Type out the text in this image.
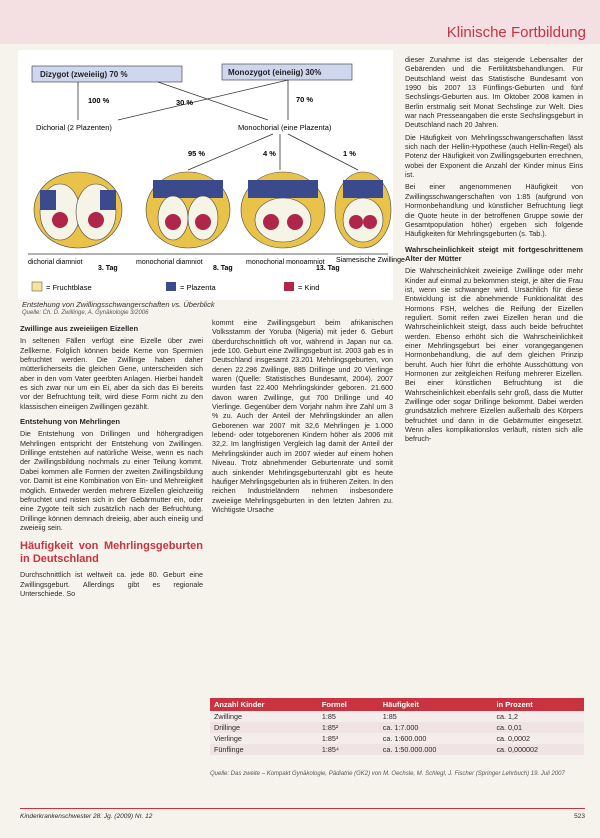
Klinische Fortbildung
Dizygot (zweieiig) 70 %	Monozygot (eineiig) 30%
100 %	30 %	70 %
Dichorial (2 Plazenten)	Monochorial (eine Plazenta)
95 %	4 %	1 %
dichorial diamniot
3. Tag
monochorial diamniot
8. Tag
monochorial monoamniot
13. Tag
Siamesische Zwillinge
= Fruchtblase	= Plazenta	= Kind
Entstehung von Zwillingsschwangerschaften vs. Überblick
Quelle: Ch. D. Zwillinge, A. Gynäkologie 3/2006
Zwillinge aus zweieiigen Eizellen

In seltenen Fällen verfügt eine Eizelle über zwei Zellkerne. Folglich können beide Kerne von Spermien befruchtet werden. Die Zwillinge haben daher mütterlicherseits die gleichen Gene, unterscheiden sich aber in den vom Vater geerbten Anlagen. Hierbei handelt es sich zwar nur um ein Ei, aber da sich das Ei bereits vor der Befruchtung teilt, wird diese Form nicht zu den klassischen eineiigen Zwillingen gezählt.

Entstehung von Mehrlingen

Die Entstehung von Drillingen und höhergradigen Mehrlingen entspricht der Entstehung von Zwillingen. Drillinge entstehen auf natürliche Weise, wenn es nach der Zwillingsbildung nochmals zu einer Teilung kommt. Dabei kommen alle Formen der zweiten Zwillingsbildung vor. Damit ist eine Kombination von Ein- und Mehreiigkeit möglich. Entweder werden mehrere Eizellen gleichzeitig befruchtet und nisten sich in der Gebärmutter ein, oder eine Zygote teilt sich zusätzlich nach der Befruchtung. Drillinge können demnach dreieiig, aber auch eineiig und zweieiig sein.

Häufigkeit von Mehrlingsgeburten in Deutschland

Durchschnittlich ist weltweit ca. jede 80. Geburt eine Zwillingsgeburt. Allerdings gibt es regionale Unterschiede. So

kommt eine Zwillingsgeburt beim afrikanischen Volksstamm der Yoruba (Nigeria) mit jeder 6. Geburt überdurchschnittlich oft vor, während in Japan nur ca. jede 100. Geburt eine Zwillingsgeburt ist. 2003 gab es in Deutschland insgesamt 23.201 Mehrlingsgeburten, von denen 22.296 Zwillinge, 885 Drillinge und 20 Vierlinge waren (Quelle: Statistisches Bundesamt, 2004). 2007 wurden fast 22.400 Mehrlingskinder geboren. 21.600 davon waren Zwillinge, gut 700 Drillinge und 40 Vierlinge. Gegenüber dem Vorjahr nahm ihre Zahl um 3 % zu. Auch der Anteil der Mehrlingskinder an allen Geborenen war 2007 mit 32,6 Mehrlingen je 1.000 lebend- oder totgeborenen Kindern höher als 2006 mit 32,2. Im langfristigen Vergleich lag damit der Anteil der Mehrlingskinder auch im 2007 wieder auf einem hohen Niveau. Trotz abnehmender Geburtenrate und somit auch sinkender Mehrlingsgeburtenzahl gibt es heute häufiger Mehrlingsgeburten als in früheren Zeiten. In den reichen Industrieländern nehmen insbesondere zweieiige Mehrlingsgeburten in den letzten Jahren zu. Wichtigste Ursache

dieser Zunahme ist das steigende Lebensalter der Gebärenden und die Fertilitätsbehandlungen. Für Deutschland weist das Statistische Bundesamt von 1990 bis 2007 13 Fünflings-Geburten und fünf Sechslings-Geburten aus. Im Oktober 2008 kamen in Berlin erstmalig seit Monat Sechslinge zur Welt. Dies war nach Presseangaben die erste Sechslingsgeburt in Deutschland nach 20 Jahren.

Die Häufigkeit von Mehrlingsschwangerschaften lässt sich nach der Hellin-Hypothese (auch Hellin-Regel) als Potenz der Häufigkeit von Zwillingsgeburten errechnen, wobei der Exponent die Anzahl der Kinder minus Eins ist.

Bei einer angenommenen Häufigkeit von Zwillingsschwangerschaften von 1:85 (aufgrund von Hormonbehandlung und künstlicher Befruchtung liegt die Quote heute in der betroffenen Gruppe sowie der Gesamtpopulation höher) ergeben sich folgende Häufigkeiten für Mehrlingsgeburten (s. Tab.).

Wahrscheinlichkeit steigt mit fortgeschrittenem Alter der Mütter

Die Wahrscheinlichkeit zweieiige Zwillinge oder mehr Kinder auf einmal zu bekommen steigt, je älter die Frau ist, wenn sie schwanger wird. Ursächlich für diese Entwicklung ist die abnehmende Funktionalität des Hormons FSH, welches die Reifung der Eizellen reguliert. Somit reifen zwei Eizellen heran und die Wahrscheinlichkeit steigt, dass auch beide befruchtet werden. Ebenso erhöht sich die Wahrscheinlichkeit einer Mehrlingsgeburt bei einer vorangegangenen Hormonbehandlung, die auf dem gleichen Prinzip beruht. Auch hier führt die erhöhte Ausschüttung von Hormonen zur zeitgleichen Reifung mehrerer Eizellen. Bei einer künstlichen Befruchtung ist die Wahrscheinlichkeit ebenfalls sehr groß, dass die Mutter Zwillinge oder sogar Drillinge bekommt. Dabei werden grundsätzlich mehrere Eizellen außerhalb des Körpers befruchtet und dann in die Gebärmutter eingesetzt. Wenn alles komplikationslos verläuft, nisten sich alle befruch-

Anzahl Kinder	Formel	Häufigkeit	in Prozent
Zwillinge	1:85	1:85	ca. 1,2
Drillinge	1:85²	ca. 1:7.000	ca. 0,01
Vierlinge	1:85³	ca. 1:600.000	ca. 0,0002
Fünflinge	1:85⁴	ca. 1:50.000.000	ca. 0,000002
Quelle: Das zweite – Kompakt Gynäkologie, Pädiatrie (GK2) von M. Oechsle, M. Schlegl, J. Fischer (Springer Lehrbuch) 19. Juli 2007
Kinderkrankenschwester 28. Jg. (2009) Nr. 12	523
